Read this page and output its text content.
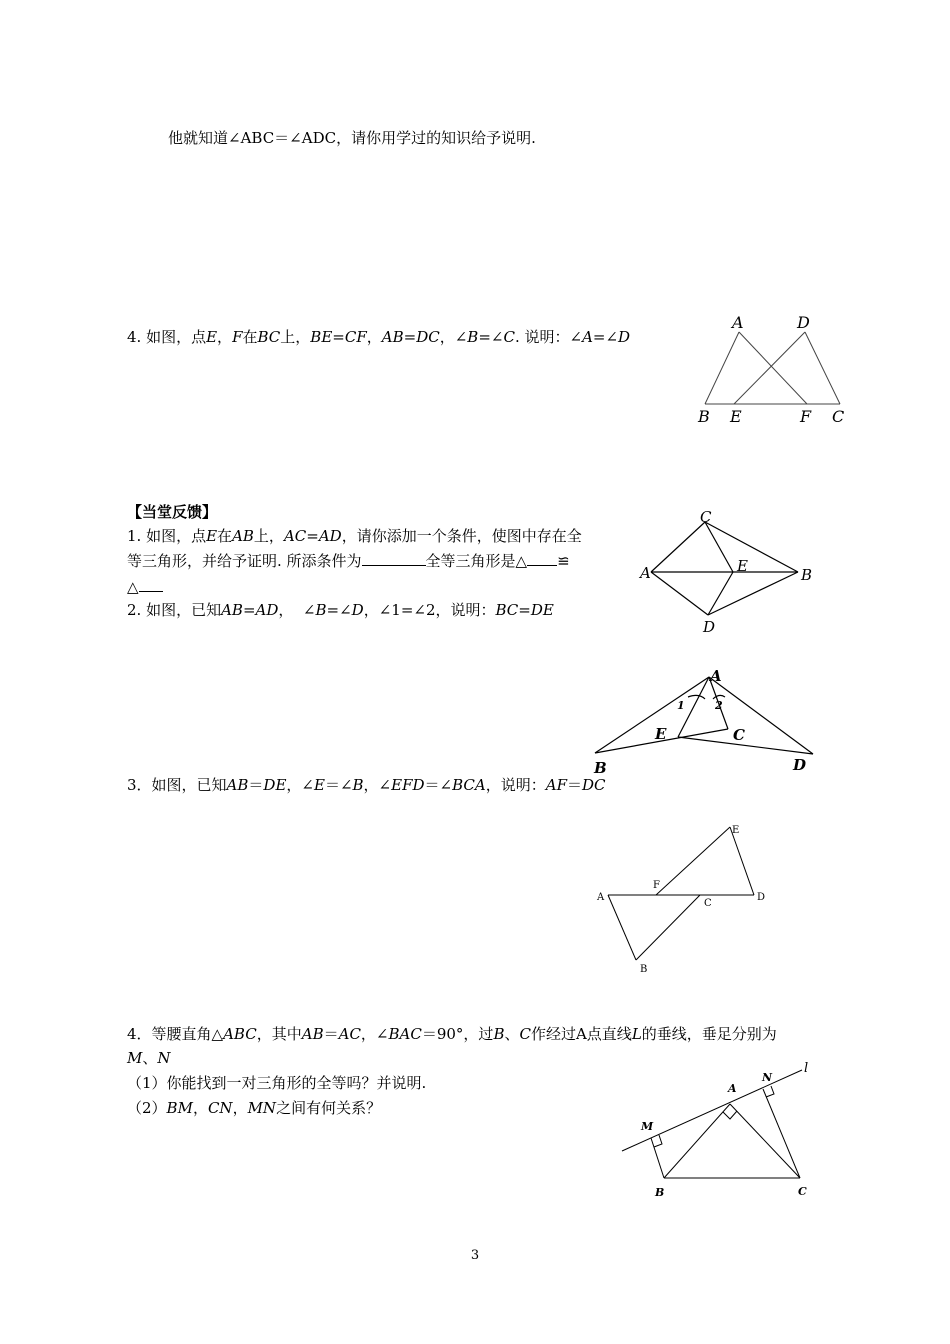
他就知道∠ABC＝∠ADC，请你用学过的知识给予说明.
4. 如图，点E，F在BC上，BE=CF，AB=DC，∠B=∠C. 说明：∠A=∠D
A	D
B E	F C
【当堂反馈】
1. 如图，点E在AB上，AC=AD，请你添加一个条件，使图中存在全
等三角形，并给予证明. 所添条件为	全等三角形是△ ≌
△
C
A	E	B
D
2. 如图，已知AB=AD，  ∠B=∠D，∠1=∠2，说明：BC=DE
A
1	2
E	C
B	D
3．如图，已知AB＝DE，∠E＝∠B，∠EFD＝∠BCA，说明：AF＝DC
E
F
A
C
D
B
4．等腰直角△ABC，其中AB＝AC，∠BAC＝90°，过B、C作经过A点直线L的垂线，垂足分别为
M、N
（1）你能找到一对三角形的全等吗？并说明.
（2）BM，CN，MN之间有何关系？
l
N
A
M
B	C
3
